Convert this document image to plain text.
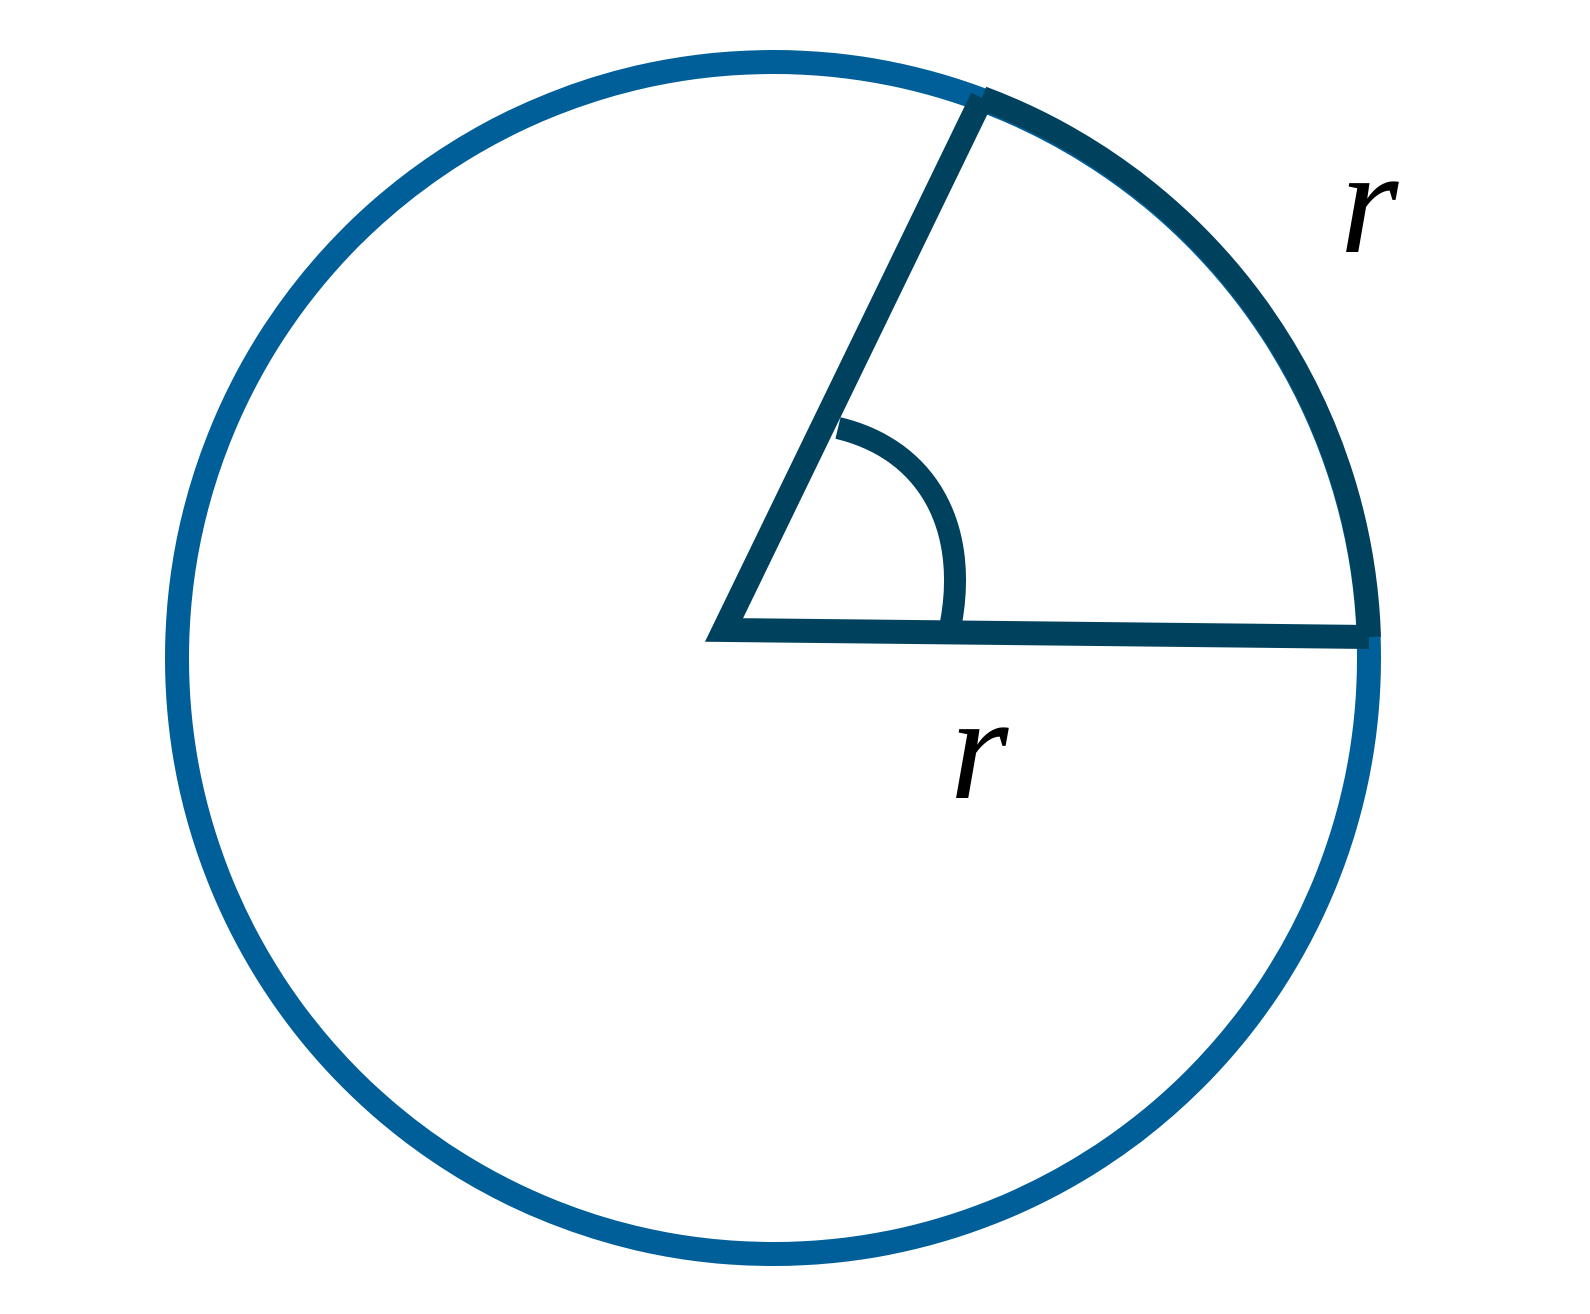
r
r
